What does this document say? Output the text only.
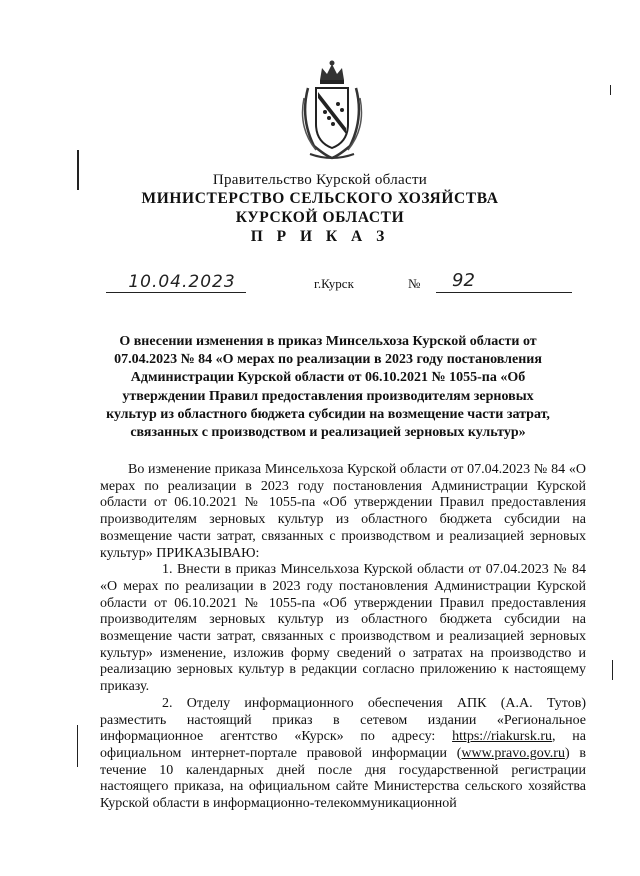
Правительство Курской области
МИНИСТЕРСТВО СЕЛЬСКОГО ХОЗЯЙСТВА
КУРСКОЙ ОБЛАСТИ
П Р И К А З
10.04.2023	г.Курск	№ 92
О внесении изменения в приказ Минсельхоза Курской области от 07.04.2023 № 84 «О мерах по реализации в 2023 году постановления Администрации Курской области от 06.10.2021 № 1055-па «Об утверждении Правил предоставления производителям зерновых культур из областного бюджета субсидии на возмещение части затрат, связанных с производством и реализацией зерновых культур»

Во изменение приказа Минсельхоза Курской области от 07.04.2023 № 84 «О мерах по реализации в 2023 году постановления Администрации Курской области от 06.10.2021 № 1055-па «Об утверждении Правил предоставления производителям зерновых культур из областного бюджета субсидии на возмещение части затрат, связанных с производством и реализацией зерновых культур» ПРИКАЗЫВАЮ:

1. Внести в приказ Минсельхоза Курской области от 07.04.2023 № 84 «О мерах по реализации в 2023 году постановления Администрации Курской области от 06.10.2021 № 1055-па «Об утверждении Правил предоставления производителям зерновых культур из областного бюджета субсидии на возмещение части затрат, связанных с производством и реализацией зерновых культур» изменение, изложив форму сведений о затратах на производство и реализацию зерновых культур в редакции согласно приложению к настоящему приказу.

2. Отделу информационного обеспечения АПК (А.А. Тутов) разместить настоящий приказ в сетевом издании «Региональное информационное агентство «Курск» по адресу: https://riakursk.ru, на официальном интернет-портале правовой информации (www.pravo.gov.ru) в течение 10 календарных дней после дня государственной регистрации настоящего приказа, на официальном сайте Министерства сельского хозяйства Курской области в информационно-телекоммуникационной
